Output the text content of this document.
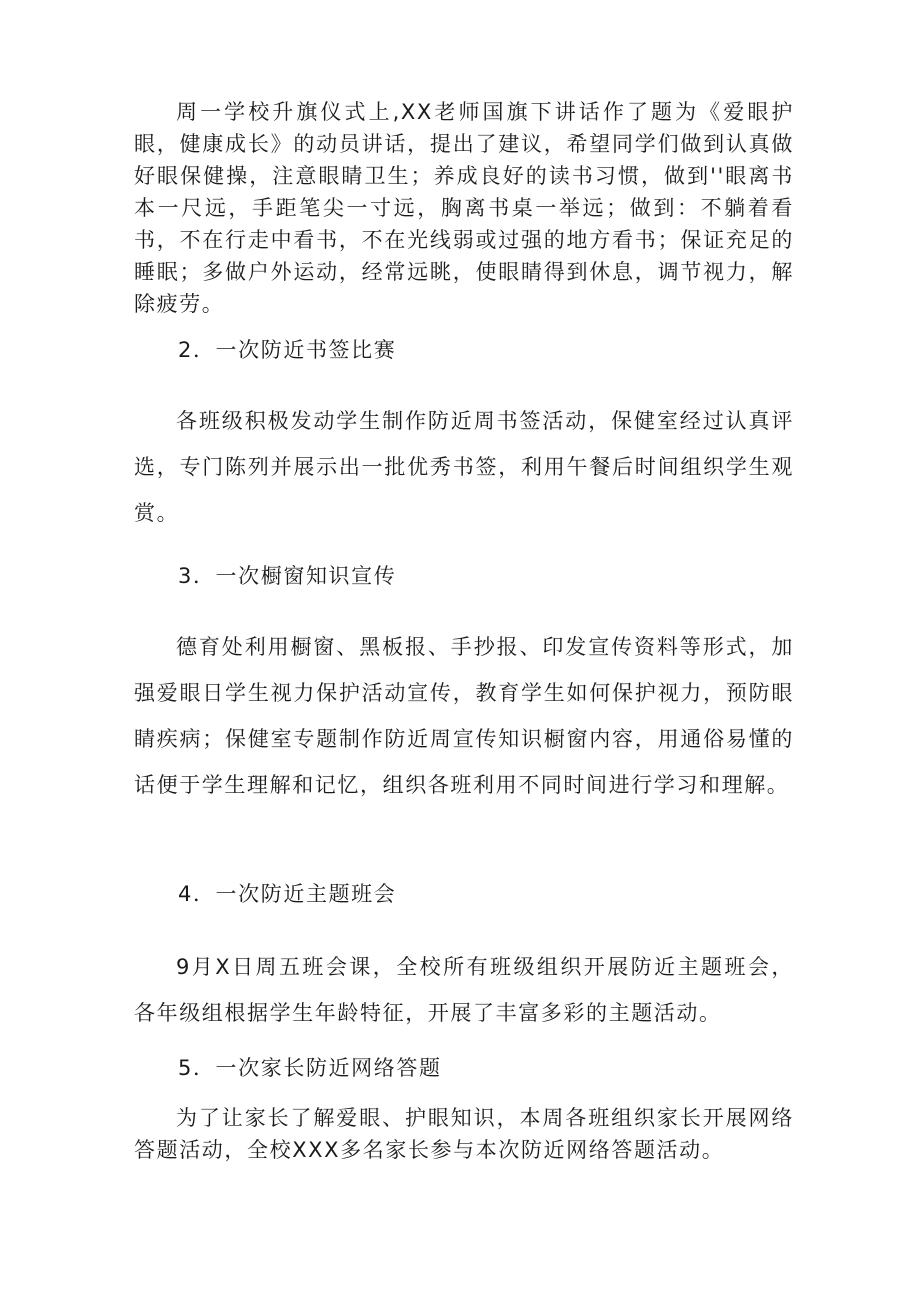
周一学校升旗仪式上,XX老师国旗下讲话作了题为《爱眼护眼，健康成长》的动员讲话，提出了建议，希望同学们做到认真做好眼保健操，注意眼睛卫生；养成良好的读书习惯，做到''眼离书本一尺远，手距笔尖一寸远，胸离书桌一举远；做到：不躺着看书，不在行走中看书，不在光线弱或过强的地方看书；保证充足的睡眠；多做户外运动，经常远眺，使眼睛得到休息，调节视力，解除疲劳。

2．一次防近书签比赛

各班级积极发动学生制作防近周书签活动，保健室经过认真评选，专门陈列并展示出一批优秀书签，利用午餐后时间组织学生观赏。

3．一次橱窗知识宣传

德育处利用橱窗、黑板报、手抄报、印发宣传资料等形式，加强爱眼日学生视力保护活动宣传，教育学生如何保护视力，预防眼睛疾病；保健室专题制作防近周宣传知识橱窗内容，用通俗易懂的话便于学生理解和记忆，组织各班利用不同时间进行学习和理解。

4．一次防近主题班会

9月X日周五班会课，全校所有班级组织开展防近主题班会，各年级组根据学生年龄特征，开展了丰富多彩的主题活动。

5．一次家长防近网络答题

为了让家长了解爱眼、护眼知识，本周各班组织家长开展网络答题活动，全校XXX多名家长参与本次防近网络答题活动。
